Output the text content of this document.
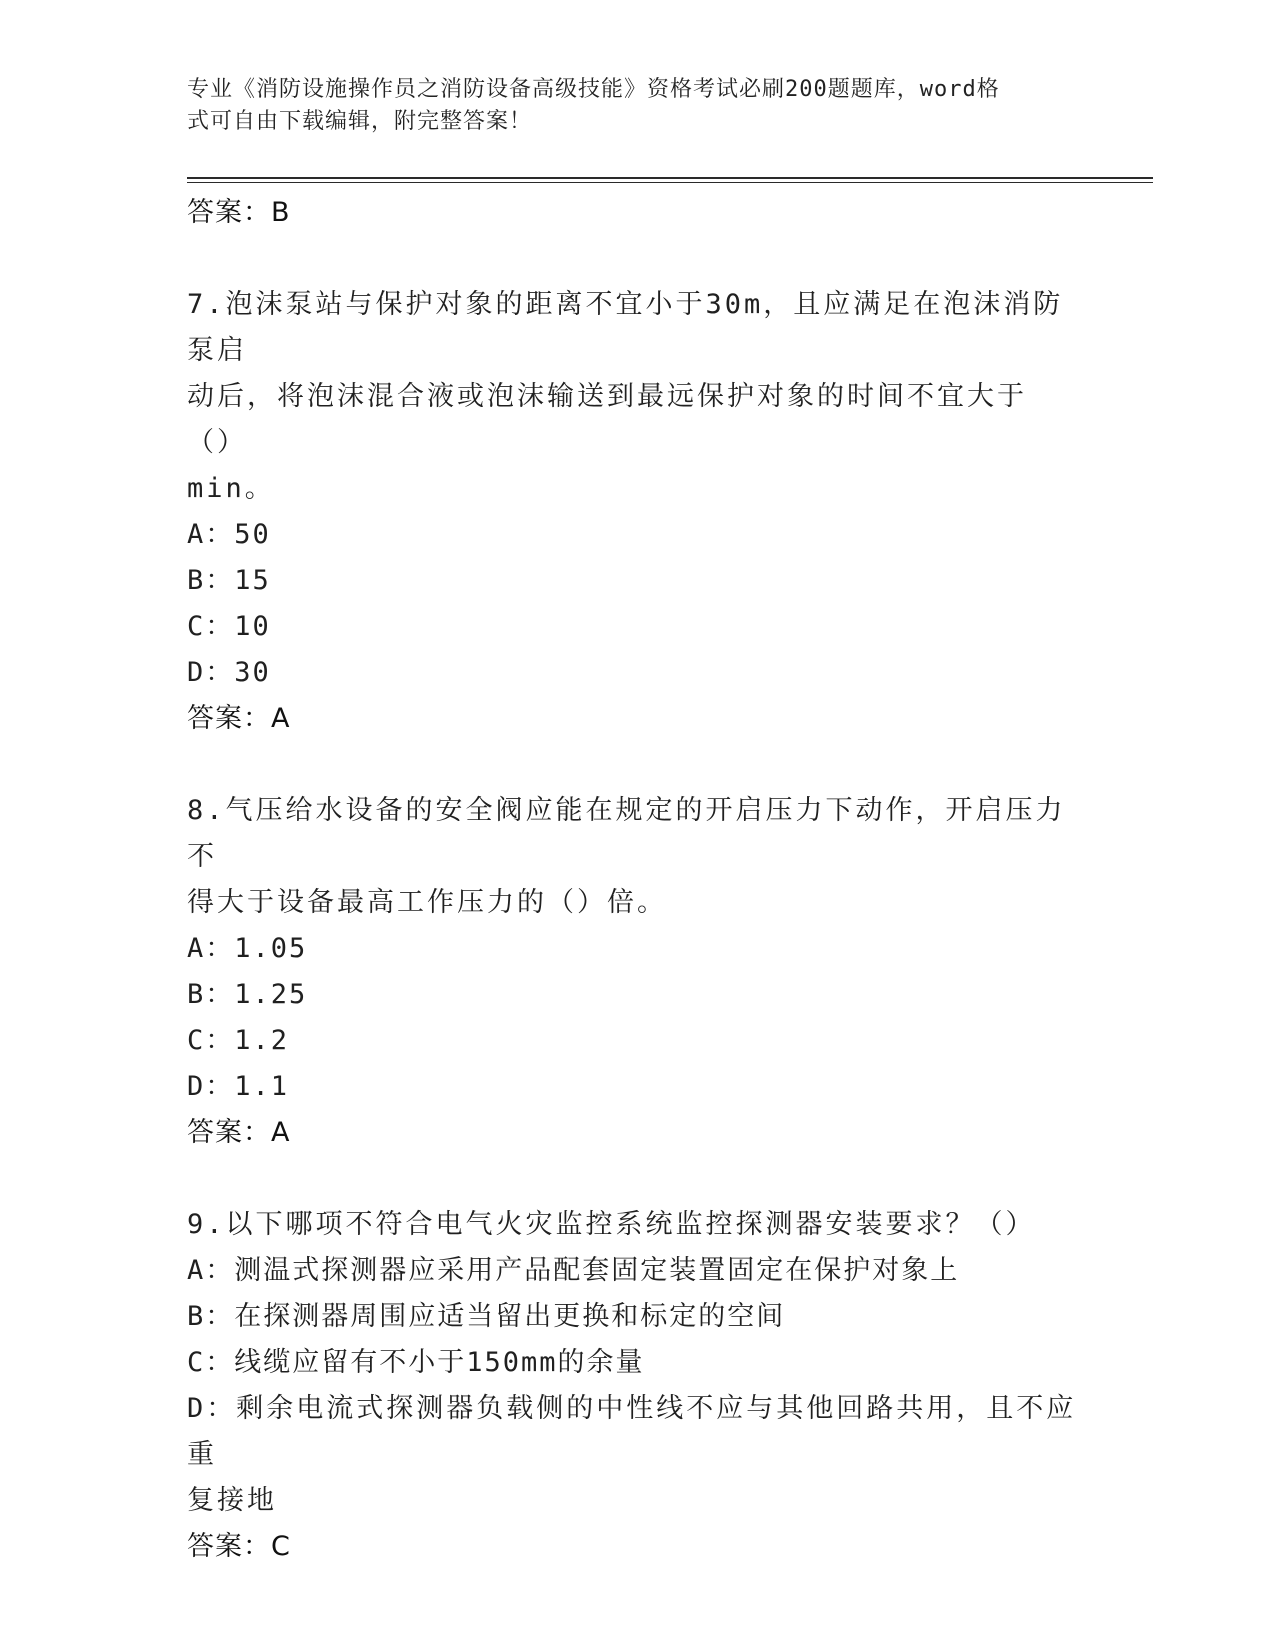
专业《消防设施操作员之消防设备高级技能》资格考试必刷200题题库，word格
式可自由下载编辑，附完整答案！
答案：B
7.泡沫泵站与保护对象的距离不宜小于30m，且应满足在泡沫消防泵启
动后，将泡沫混合液或泡沫输送到最远保护对象的时间不宜大于（）
min。
A：50
B：15
C：10
D：30
答案：A
8.气压给水设备的安全阀应能在规定的开启压力下动作，开启压力不
得大于设备最高工作压力的（）倍。
A：1.05
B：1.25
C：1.2
D：1.1
答案：A
9.以下哪项不符合电气火灾监控系统监控探测器安装要求？（）
A：测温式探测器应采用产品配套固定装置固定在保护对象上
B：在探测器周围应适当留出更换和标定的空间
C：线缆应留有不小于150mm的余量
D：剩余电流式探测器负载侧的中性线不应与其他回路共用，且不应重
复接地
答案：C
